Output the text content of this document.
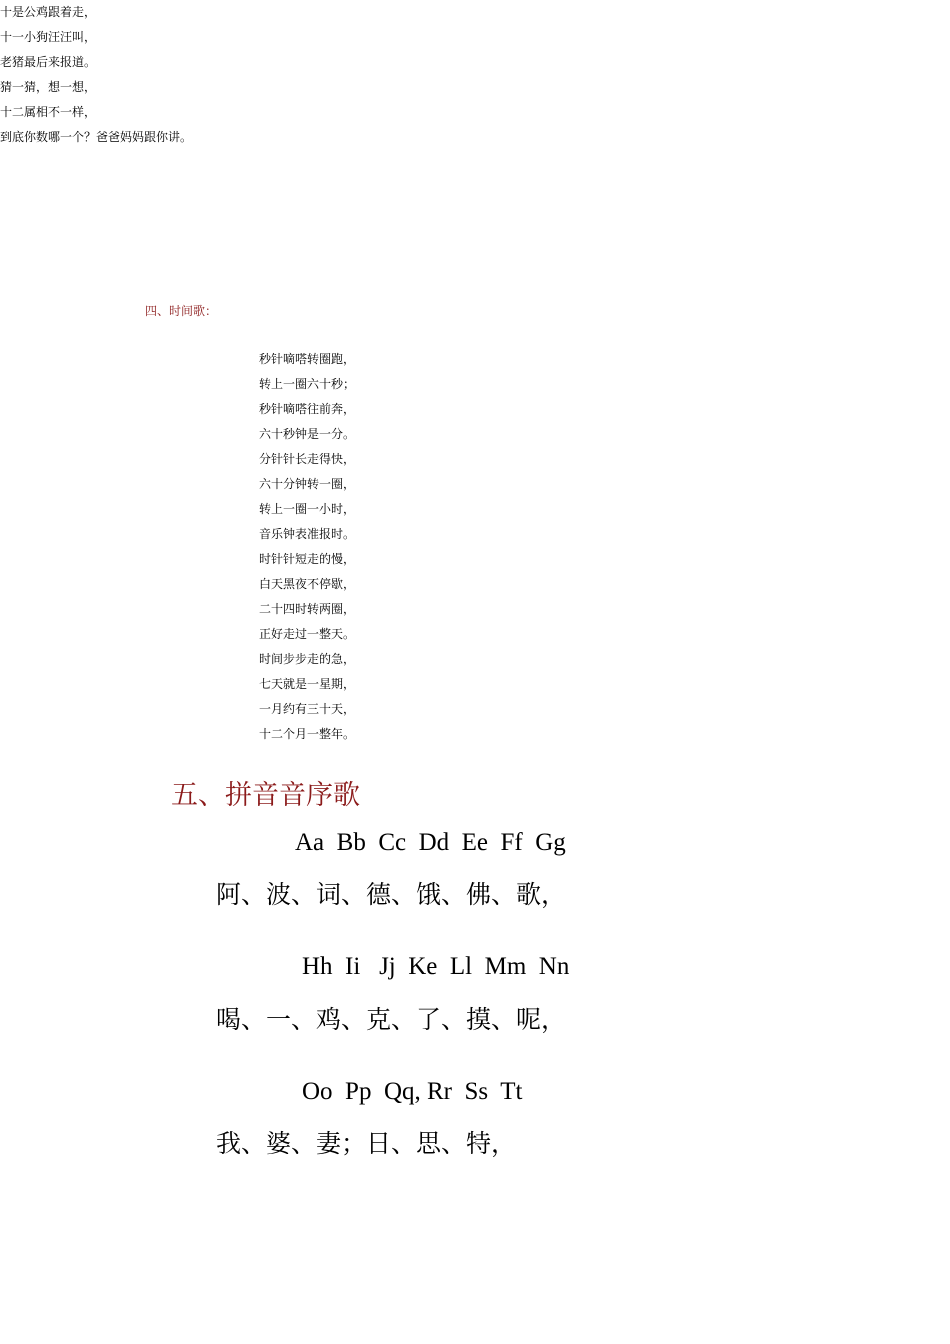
十是公鸡跟着走，
十一小狗汪汪叫，
老猪最后来报道。
猜一猜，想一想，
十二属相不一样，
到底你数哪一个？爸爸妈妈跟你讲。
四、时间歌：
秒针嘀嗒转圈跑，
转上一圈六十秒；
秒针嘀嗒往前奔，
六十秒钟是一分。
分针针长走得快，
六十分钟转一圈，
转上一圈一小时，
音乐钟表准报时。
时针针短走的慢，
白天黑夜不停歇，
二十四时转两圈，
正好走过一整天。
时间步步走的急，
七天就是一星期，
一月约有三十天，
十二个月一整年。
五、拼音音序歌
Aa  Bb  Cc  Dd  Ee  Ff  Gg
阿、波、词、德、饿、佛、歌，
Hh  Ii   Jj  Ke  Ll  Mm  Nn
喝、一、鸡、克、了、摸、呢，
Oo  Pp  Qq, Rr  Ss  Tt
我、婆、妻；日、思、特，
